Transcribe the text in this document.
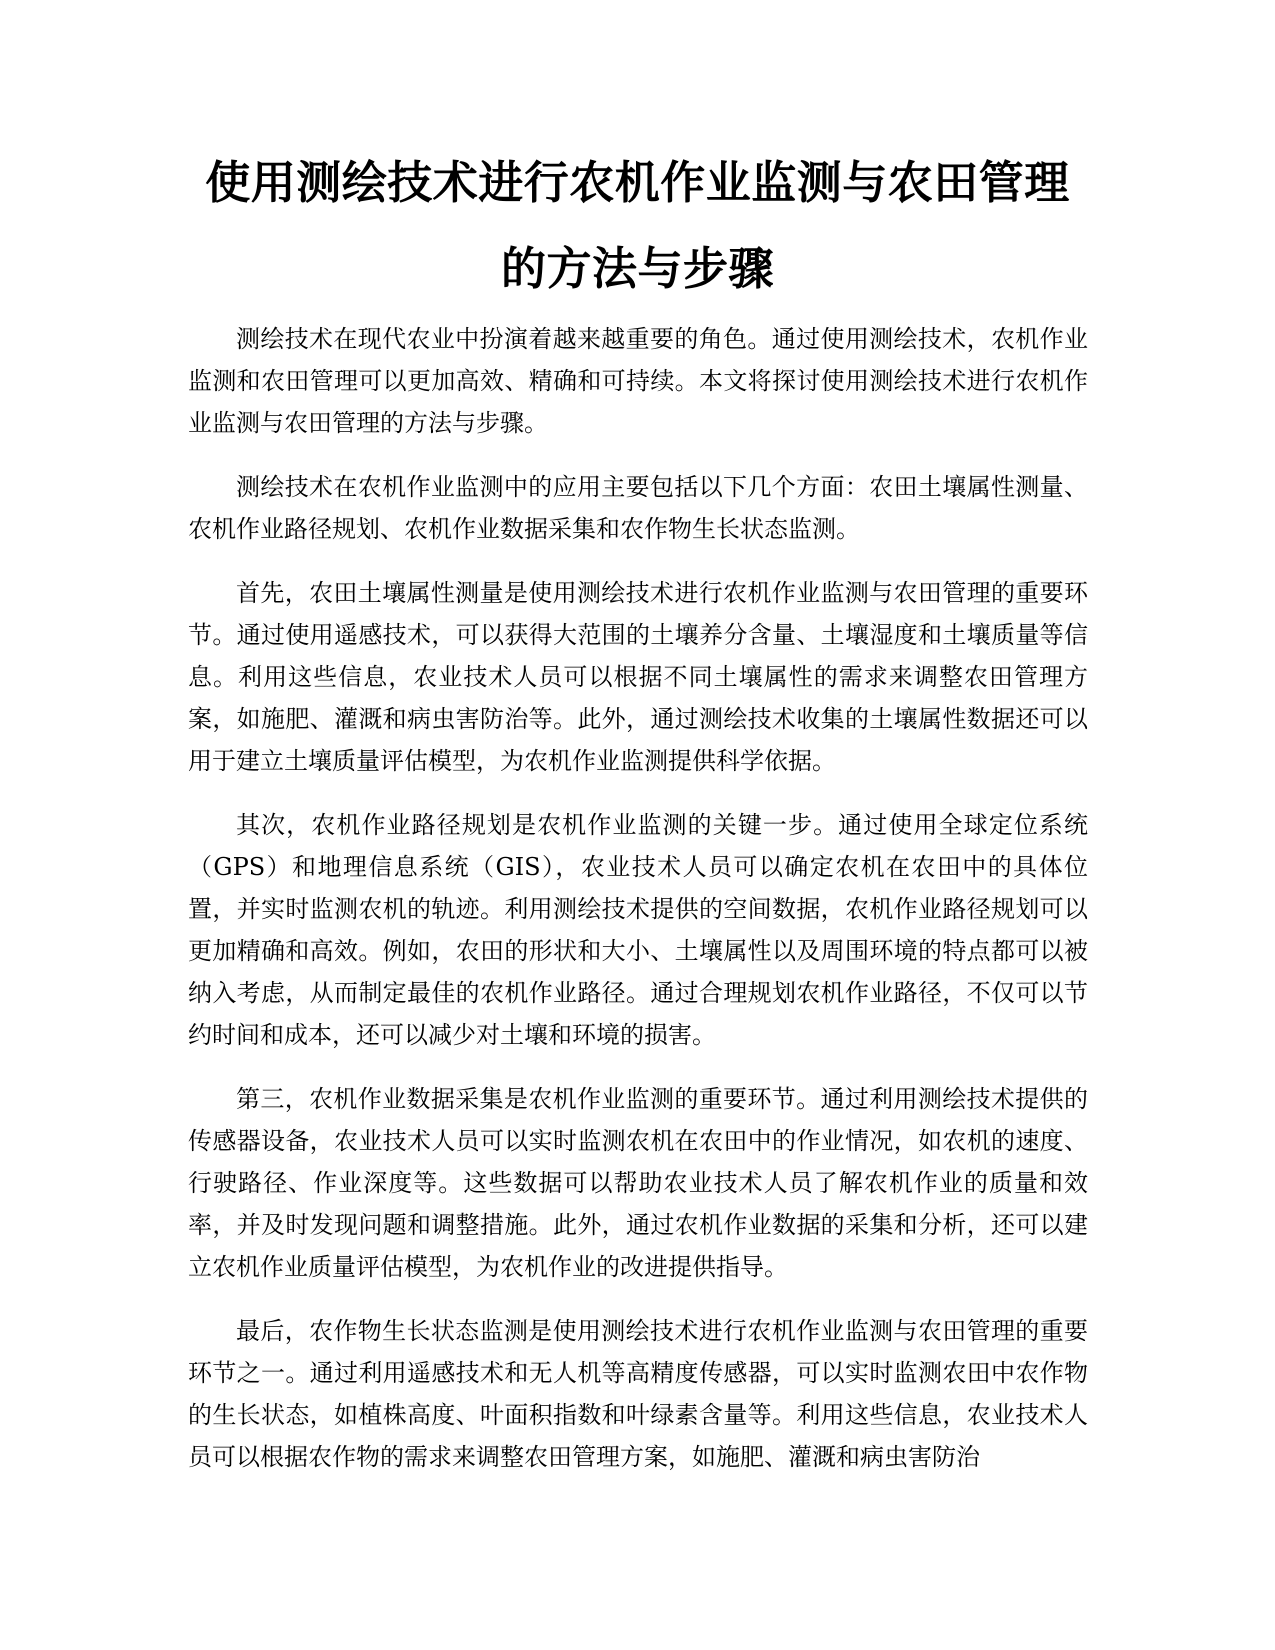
使用测绘技术进行农机作业监测与农田管理
的方法与步骤

测绘技术在现代农业中扮演着越来越重要的角色。通过使用测绘技术，农机作业监测和农田管理可以更加高效、精确和可持续。本文将探讨使用测绘技术进行农机作业监测与农田管理的方法与步骤。

测绘技术在农机作业监测中的应用主要包括以下几个方面：农田土壤属性测量、农机作业路径规划、农机作业数据采集和农作物生长状态监测。

首先，农田土壤属性测量是使用测绘技术进行农机作业监测与农田管理的重要环节。通过使用遥感技术，可以获得大范围的土壤养分含量、土壤湿度和土壤质量等信息。利用这些信息，农业技术人员可以根据不同土壤属性的需求来调整农田管理方案，如施肥、灌溉和病虫害防治等。此外，通过测绘技术收集的土壤属性数据还可以用于建立土壤质量评估模型，为农机作业监测提供科学依据。

其次，农机作业路径规划是农机作业监测的关键一步。通过使用全球定位系统（GPS）和地理信息系统（GIS），农业技术人员可以确定农机在农田中的具体位置，并实时监测农机的轨迹。利用测绘技术提供的空间数据，农机作业路径规划可以更加精确和高效。例如，农田的形状和大小、土壤属性以及周围环境的特点都可以被纳入考虑，从而制定最佳的农机作业路径。通过合理规划农机作业路径，不仅可以节约时间和成本，还可以减少对土壤和环境的损害。

第三，农机作业数据采集是农机作业监测的重要环节。通过利用测绘技术提供的传感器设备，农业技术人员可以实时监测农机在农田中的作业情况，如农机的速度、行驶路径、作业深度等。这些数据可以帮助农业技术人员了解农机作业的质量和效率，并及时发现问题和调整措施。此外，通过农机作业数据的采集和分析，还可以建立农机作业质量评估模型，为农机作业的改进提供指导。

最后，农作物生长状态监测是使用测绘技术进行农机作业监测与农田管理的重要环节之一。通过利用遥感技术和无人机等高精度传感器，可以实时监测农田中农作物的生长状态，如植株高度、叶面积指数和叶绿素含量等。利用这些信息，农业技术人员可以根据农作物的需求来调整农田管理方案，如施肥、灌溉和病虫害防治
